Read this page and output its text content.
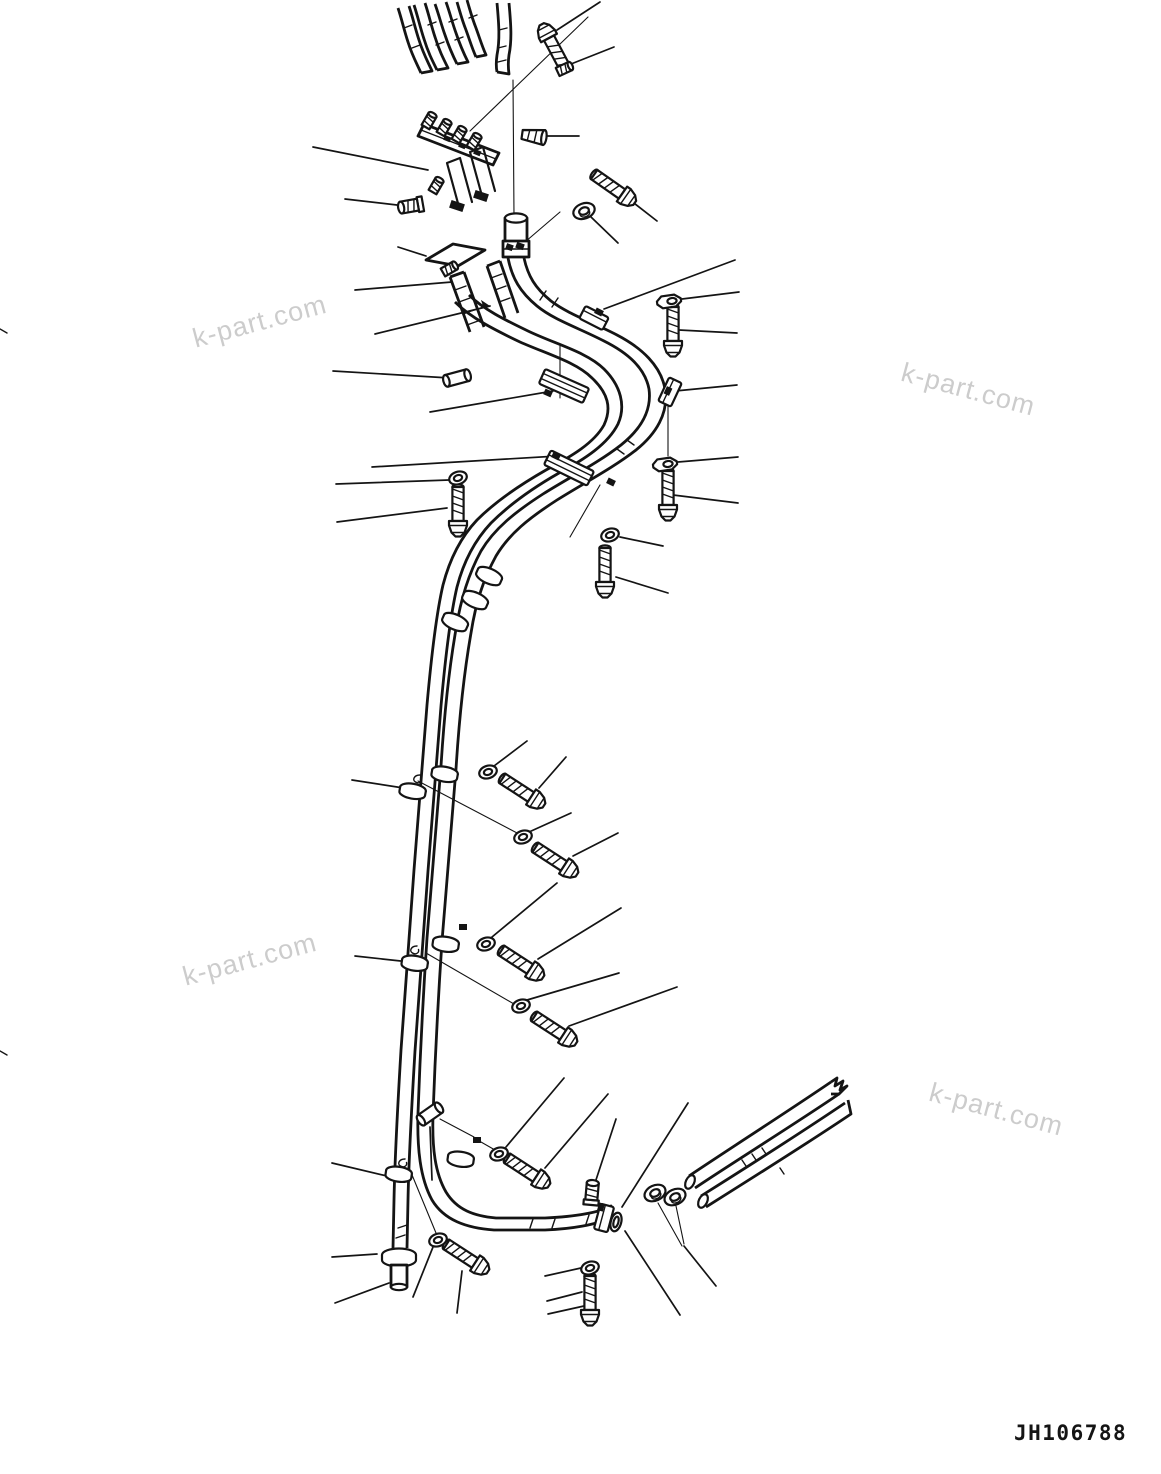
k-part.com
k-part.com
k-part.com
k-part.com
JH106788
